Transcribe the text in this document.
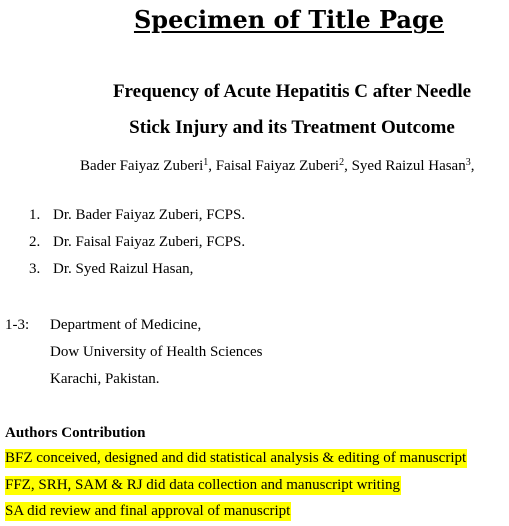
Specimen of Title Page
Frequency of Acute Hepatitis C after Needle
Stick Injury and its Treatment Outcome
Bader Faiyaz Zuberi$^1$, Faisal Faiyaz Zuberi$^2$, Syed Raizul Hasan$^3$,
1. Dr. Bader Faiyaz Zuberi, FCPS.
2. Dr. Faisal Faiyaz Zuberi, FCPS.
3. Dr. Syed Raizul Hasan,
1-3: Department of Medicine,
Dow University of Health Sciences
Karachi, Pakistan.
Authors Contribution
BFZ conceived, designed and did statistical analysis & editing of manuscript
FFZ, SRH, SAM & RJ did data collection and manuscript writing
SA did review and final approval of manuscript
